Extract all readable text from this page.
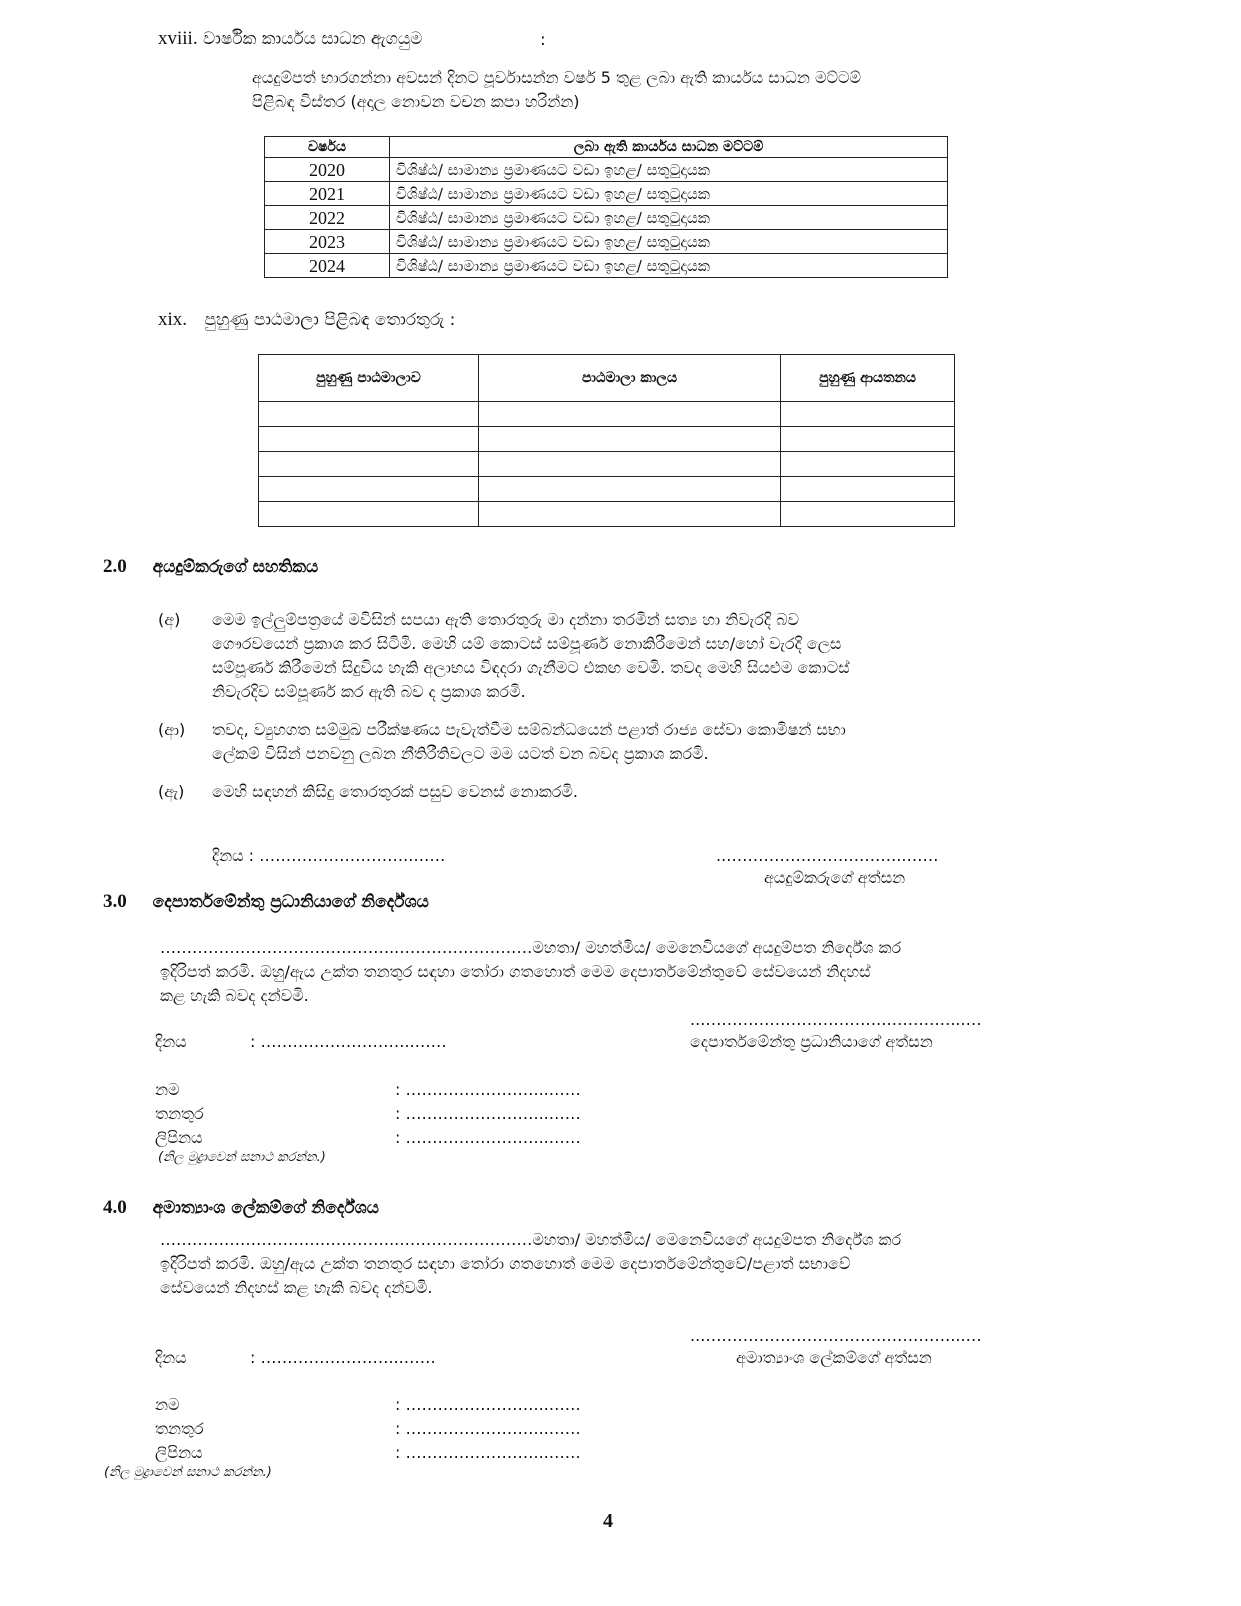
xviii. වාර්ෂික කාර්යය සාධන ඇගයුම	:
අයදුම්පත් භාරගන්නා අවසන් දිනට පූර්වාසන්න වර්ෂ 5 තුළ ලබා ඇති කාර්යය සාධන මට්ටම්
පිළිබඳ විස්තර (අදාල නොවන වචන කපා හරින්න)
වර්ෂය	ලබා ඇති කාර්යය සාධන මට්ටම්
2020	විශිෂ්ඨ/ සාමාන්‍ය ප්‍රමාණයට වඩා ඉහළ/ සතුටුදායක
2021	විශිෂ්ඨ/ සාමාන්‍ය ප්‍රමාණයට වඩා ඉහළ/ සතුටුදායක
2022	විශිෂ්ඨ/ සාමාන්‍ය ප්‍රමාණයට වඩා ඉහළ/ සතුටුදායක
2023	විශිෂ්ඨ/ සාමාන්‍ය ප්‍රමාණයට වඩා ඉහළ/ සතුටුදායක
2024	විශිෂ්ඨ/ සාමාන්‍ය ප්‍රමාණයට වඩා ඉහළ/ සතුටුදායක
xix. පුහුණු පාඨමාලා පිළිබඳ තොරතුරු :
පුහුණු පාඨමාලාව	පාඨමාලා කාලය	පුහුණු ආයතනය

2.0 අයදුම්කරුගේ සහතිකය
(අ) මෙම ඉල්ලුම්පත්‍රයේ මවිසින් සපයා ඇති තොරතුරු මා දන්නා තරමින් සත්‍ය හා නිවැරදි බව
ගෞරවයෙන් ප්‍රකාශ කර සිටිමි. මෙහි යම් කොටස් සම්පූර්ණ නොකිරීමෙන් සහ/හෝ වැරදි ලෙස
සම්පූර්ණ කිරීමෙන් සිදුවිය හැකි අලාභය විඳදරා ගැනීමට එකඟ වෙමි. තවද මෙහි සියළුම කොටස්
නිවැරදිව සම්පූර්ණ කර ඇති බව ද ප්‍රකාශ කරමි.
(ආ) තවද, ව්‍යුහගත සම්මුඛ පරීක්ෂණය පැවැත්වීම සම්බන්ධයෙන් පළාත් රාජ්‍ය සේවා කොමිෂන් සභා
ලේකම් විසින් පනවනු ලබන නීතිරීතිවලට මම යටත් වන බවද ප්‍රකාශ කරමි.
(ඇ) මෙහි සඳහන් කිසිදු තොරතුරක් පසුව වෙනස් නොකරමි.
දිනය : ………………………..……	..…………….…….………..……
අයදුම්කරුගේ අත්සන
3.0 දෙපාර්තමේන්තු ප්‍රධානියාගේ නිර්දේශය
………………………….…………..………….…………මහතා/ මහත්මිය/ මෙනෙවියගේ අයදුම්පත නිර්දේශ කර
ඉදිරිපත් කරමි. ඔහු/ඇය උක්ත තනතුර සඳහා තෝරා ගතහොත් මෙම දෙපාර්තමේන්තුවේ සේවයෙන් නිදහස්
කළ හැකි බවද දන්වමි.
..……………………………..…………...…
දිනය	: ………………………..……	දෙපාර්තමේන්තු ප්‍රධානියාගේ අත්සන
නම	: ……………………...……
තනතුර	: ……………………...……
ලිපිනය	: ……………………...……
(නිල මුද්‍රාවෙන් සනාථ කරන්න.)
4.0 අමාත්‍යාංශ ලේකම්ගේ නිර්දේශය
………………………….…………..………….…………මහතා/ මහත්මිය/ මෙනෙවියගේ අයදුම්පත නිර්දේශ කර
ඉදිරිපත් කරමි. ඔහු/ඇය උක්ත තනතුර සඳහා තෝරා ගතහොත් මෙම දෙපාර්තමේන්තුවේ/පළාත් සභාවේ
සේවයෙන් නිදහස් කළ හැකි බවද දන්වමි.
..……………………………..…………...…
දිනය	: ……………………...……	අමාත්‍යාංශ ලේකම්ගේ අත්සන
නම	: ……………………...……
තනතුර	: ……………………...……
ලිපිනය	: ……………………...……
(නිල මුද්‍රාවෙන් සනාථ කරන්න.)
4
